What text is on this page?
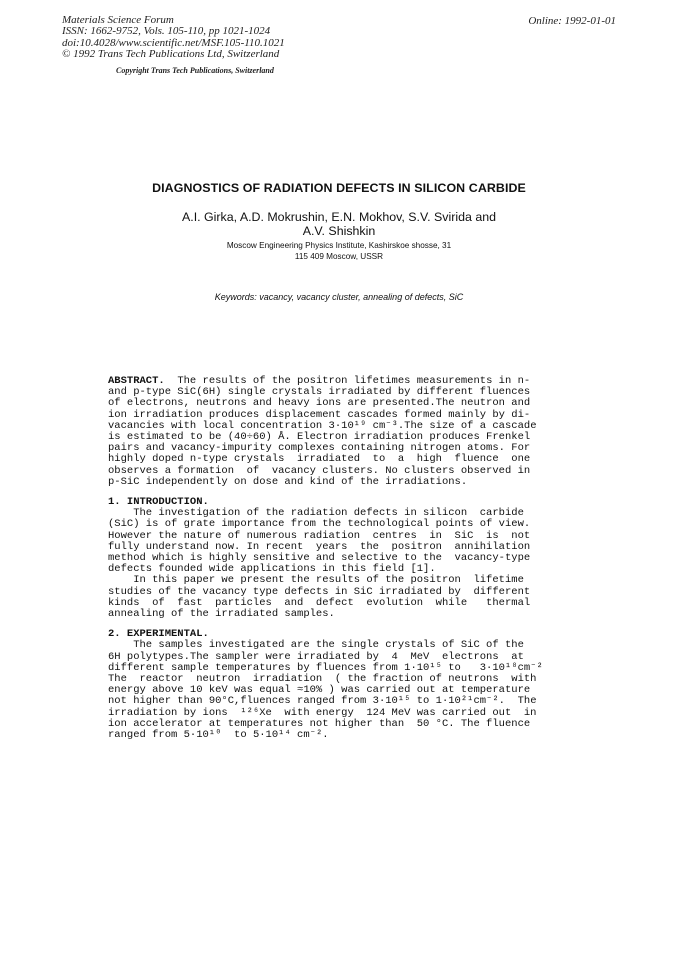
Materials Science Forum
ISSN: 1662-9752, Vols. 105-110, pp 1021-1024
doi:10.4028/www.scientific.net/MSF.105-110.1021
© 1992 Trans Tech Publications Ltd, Switzerland
Online: 1992-01-01
Copyright Trans Tech Publications, Switzerland
DIAGNOSTICS OF RADIATION DEFECTS IN SILICON CARBIDE
A.I. Girka, A.D. Mokrushin, E.N. Mokhov, S.V. Svirida and
A.V. Shishkin
Moscow Engineering Physics Institute, Kashirskoe shosse, 31
115 409 Moscow, USSR
Keywords: vacancy, vacancy cluster, annealing of defects, SiC

ABSTRACT.  The results of the positron lifetimes measurements in n-

and p-type SiC(6H) single crystals irradiated by different fluences

of electrons, neutrons and heavy ions are presented.The neutron and

ion irradiation produces displacement cascades formed mainly by di-

vacancies with local concentration 3·10¹⁹ cm⁻³.The size of a cascade

is estimated to be (40÷60) Å. Electron irradiation produces Frenkel

pairs and vacancy-impurity complexes containing nitrogen atoms. For

highly doped n-type crystals  irradiated  to  a  high  fluence  one

observes a formation  of  vacancy clusters. No clusters observed in

p-SiC independently on dose and kind of the irradiations.

1. INTRODUCTION.

The investigation of the radiation defects in silicon  carbide

(SiC) is of grate importance from the technological points of view.

However the nature of numerous radiation  centres  in  SiC  is  not

fully understand now. In recent  years  the  positron  annihilation

method which is highly sensitive and selective to the  vacancy-type

defects founded wide applications in this field [1].

In this paper we present the results of the positron  lifetime

studies of the vacancy type defects in SiC irradiated by  different

kinds  of  fast  particles  and  defect  evolution  while   thermal

annealing of the irradiated samples.

2. EXPERIMENTAL.

The samples investigated are the single crystals of SiC of the

6H polytypes.The sampler were irradiated by  4  MeV  electrons  at

different sample temperatures by fluences from 1·10¹⁵ to   3·10¹⁸cm⁻²

The  reactor  neutron  irradiation  ( the fraction of neutrons  with

energy above 10 keV was equal ≈10% ) was carried out at temperature

not higher than 90°C,fluences ranged from 3·10¹⁵ to 1·10²¹cm⁻².  The

irradiation by ions  ¹²⁶Xe  with energy  124 MeV was carried out  in

ion accelerator at temperatures not higher than  50 °C. The fluence

ranged from 5·10¹⁰  to 5·10¹⁴ cm⁻².
